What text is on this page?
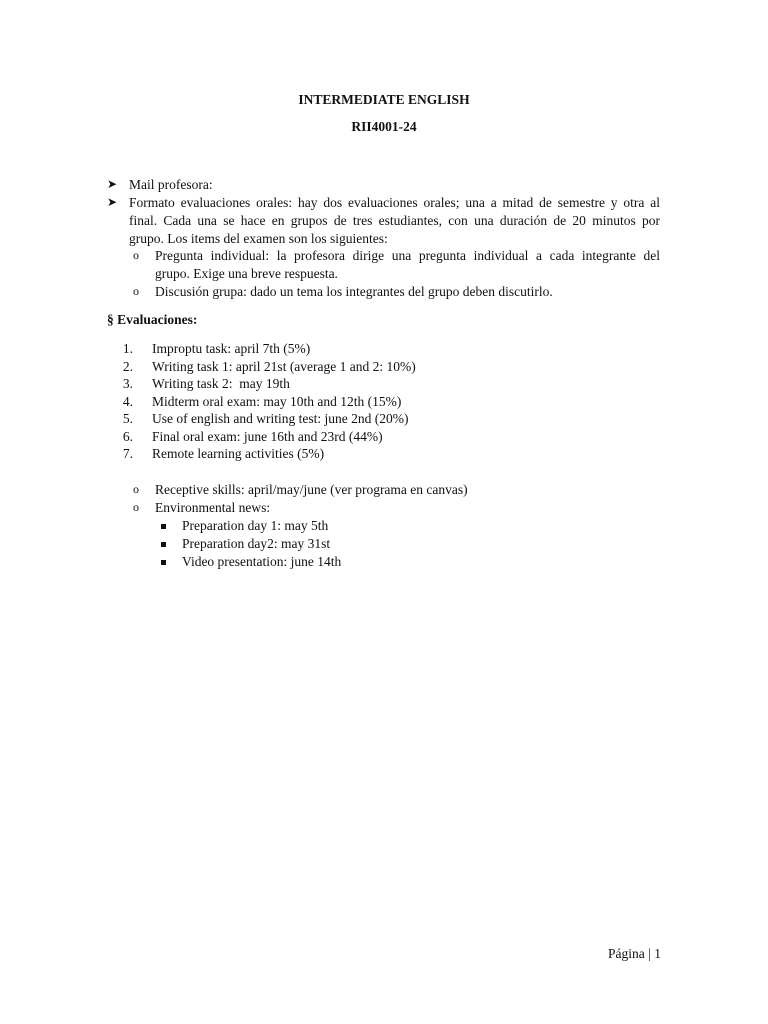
INTERMEDIATE ENGLISH
RII4001-24
➤ Mail profesora:
➤ Formato evaluaciones orales: hay dos evaluaciones orales; una a mitad de semestre y otra al
final. Cada una se hace en grupos de tres estudiantes, con una duración de 20 minutos por
grupo. Los items del examen son los siguientes:
o Pregunta individual: la profesora dirige una pregunta individual a cada integrante del
grupo. Exige una breve respuesta.
o Discusión grupa: dado un tema los integrantes del grupo deben discutirlo.
§ Evaluaciones:
1. Improptu task: april 7th (5%)
2. Writing task 1: april 21st (average 1 and 2: 10%)
3. Writing task 2:  may 19th
4. Midterm oral exam: may 10th and 12th (15%)
5. Use of english and writing test: june 2nd (20%)
6. Final oral exam: june 16th and 23rd (44%)
7. Remote learning activities (5%)
o Receptive skills: april/may/june (ver programa en canvas)
o Environmental news:
Preparation day 1: may 5th
Preparation day2: may 31st
Video presentation: june 14th
Página | 1
